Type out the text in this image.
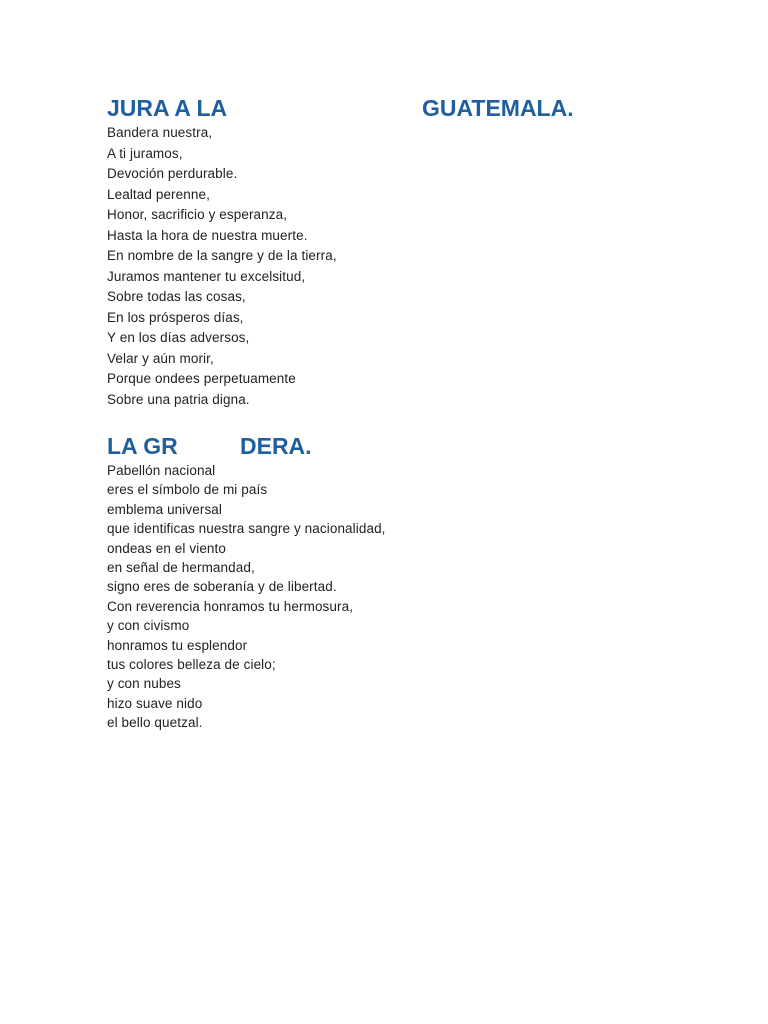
JURA A LA	GUATEMALA.
Bandera nuestra,
A ti juramos,
Devoción perdurable.
Lealtad perenne,
Honor, sacrificio y esperanza,
Hasta la hora de nuestra muerte.
En nombre de la sangre y de la tierra,
Juramos mantener tu excelsitud,
Sobre todas las cosas,
En los prósperos días,
Y en los días adversos,
Velar y aún morir,
Porque ondees perpetuamente
Sobre una patria digna.
LA GR	DERA.
Pabellón nacional
eres el símbolo de mi país
emblema universal
que identificas nuestra sangre y nacionalidad,
ondeas en el viento
en señal de hermandad,
signo eres de soberanía y de libertad.
Con reverencia honramos tu hermosura,
y con civismo
honramos tu esplendor
tus colores belleza de cielo;
y con nubes
hizo suave nido
el bello quetzal.
